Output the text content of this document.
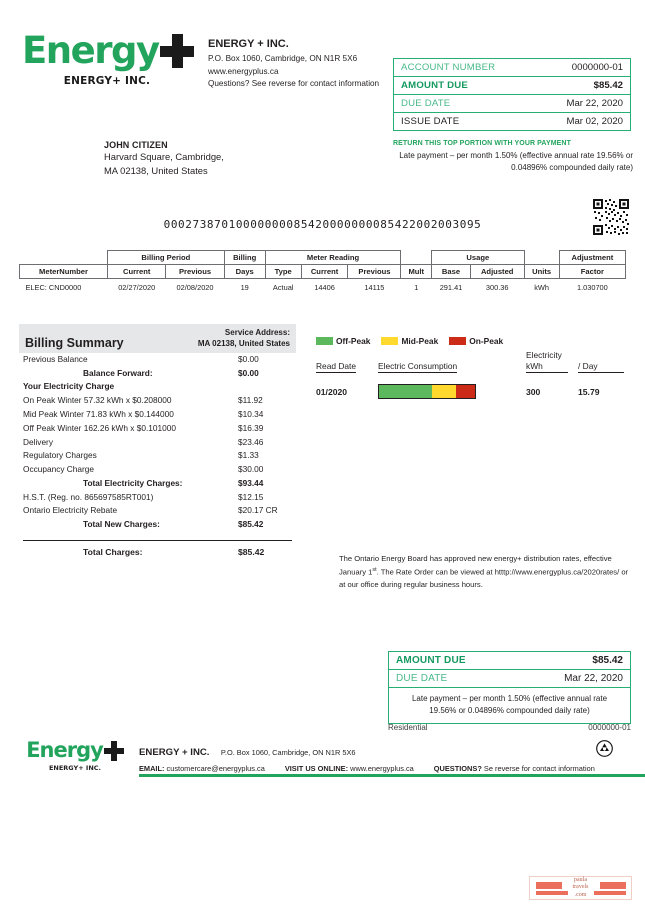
Energy
ENERGY+ INC.
ENERGY + INC.
P.O. Box 1060, Cambridge, ON N1R 5X6
www.energyplus.ca
Questions? See reverse for contact information
ACCOUNT NUMBER	0000000-01
AMOUNT DUE	$85.42
DUE DATE	Mar 22, 2020
ISSUE DATE	Mar 02, 2020
RETURN THIS TOP PORTION WITH YOUR PAYMENT
Late payment – per month 1.50% (effective annual rate 19.56% or 0.04896% compounded daily rate)
JOHN CITIZEN
Harvard Square, Cambridge,
MA 02138, United States
00027387010000000085420000000085422002003095
	Billing Period		Billing	Meter Reading				Usage			Adjustment
MeterNumber	Current	Previous	Days	Type	Current	Previous	Mult	Base	Adjusted	Units	Factor
ELEC: CND0000	02/27/2020	02/08/2020	19	Actual	14406	14115	1	291.41	300.36	kWh	1.030700
Billing Summary
Service Address:
MA 02138, United States
Previous Balance	$0.00
Balance Forward:	$0.00
Your Electricity Charge
On Peak Winter 57.32 kWh x $0.208000	$11.92
Mid Peak Winter 71.83 kWh x $0.144000	$10.34
Off Peak Winter 162.26 kWh x $0.101000	$16.39
Delivery	$23.46
Regulatory Charges	$1.33
Occupancy Charge	$30.00
Total Electricity Charges:	$93.44
H.S.T. (Reg. no. 865697585RT001)	$12.15
Ontario Electricity Rebate	$20.17 CR
Total New Charges:	$85.42
Total Charges:	$85.42
Off-Peak	Mid-Peak	On-Peak
Read Date	Electric Consumption
Electricity
kWh	/ Day
01/2020	300	15.79
The Ontario Energy Board has approved new energy+ distribution rates, effective January 1st. The Rate Order can be viewed at htttp://www.energyplus.ca/2020rates/ or at our office during regular business hours.
AMOUNT DUE	$85.42
DUE DATE	Mar 22, 2020
Late payment – per month 1.50% (effective annual rate 19.56% or 0.04896% compounded daily rate)
Residential	0000000-01
Energy
ENERGY+ INC.
ENERGY + INC. P.O. Box 1060, Cambridge, ON N1R 5X6
EMAIL: customercare@energyplus.ca	VISIT US ONLINE: www.energyplus.ca	QUESTIONS? Se reverse for contact information
paula
travels
.com
